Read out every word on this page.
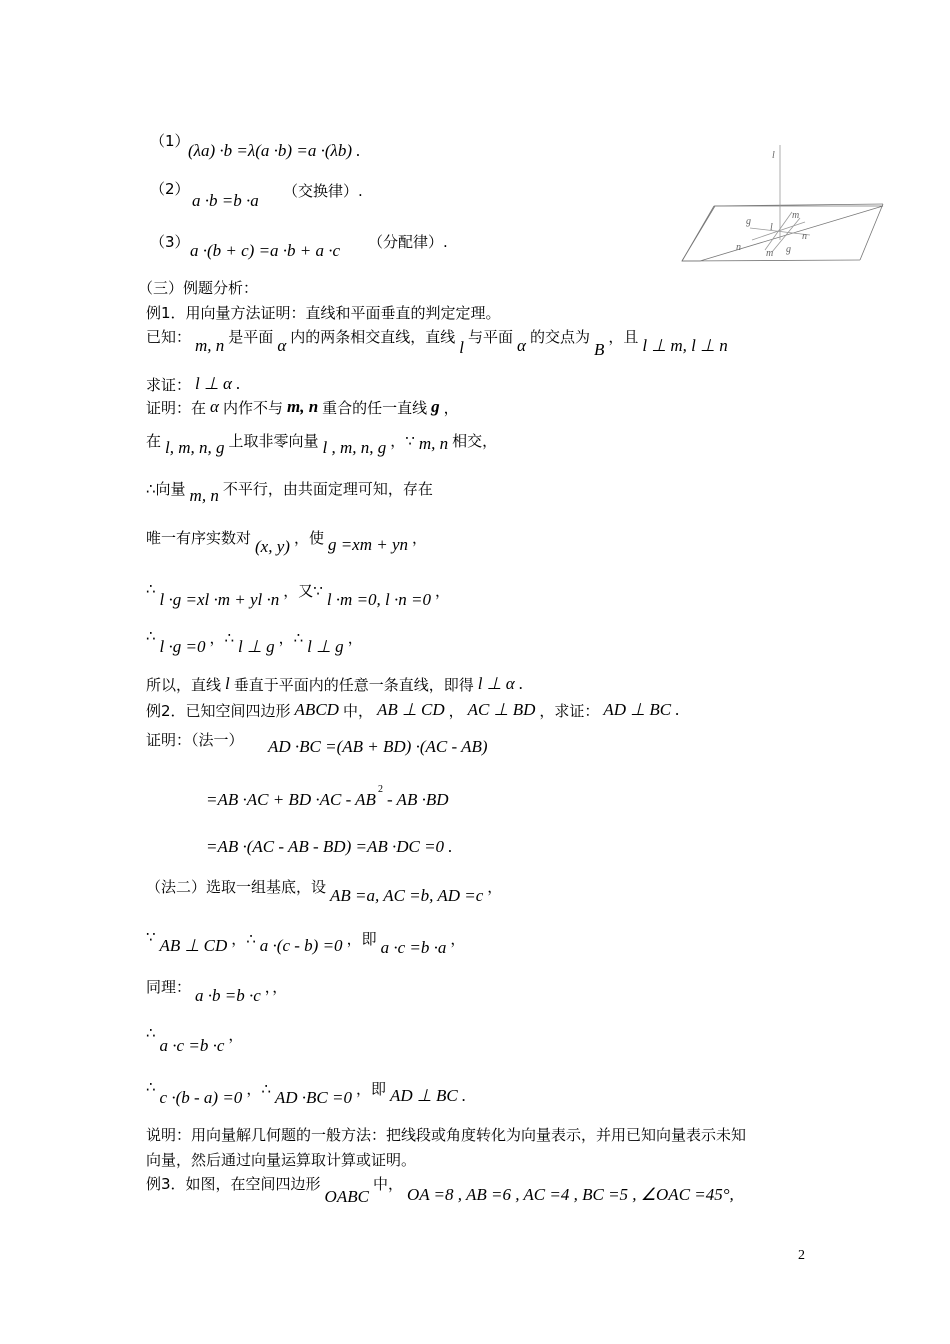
（1）
(λa) ·b =λ(a ·b) =a ·(λb) .
（2）
a ·b =b ·a （交换律）.
（3） a ·(b + c) =a ·b + a ·c （分配律）.
l
m
g
l
n
n
m g
（三）例题分析：
例1．用向量方法证明：直线和平面垂直的判定定理。
已知： m, n 是平面 α 内的两条相交直线，直线
l
与平面 α 的交点为
B
，且 l ⊥ m, l ⊥ n
求证： l ⊥ α .
证明：在 α 内作不与 m, n 重合的任一直线 g ，
在 l, m, n, g 上取非零向量 l , m, n, g ，∵ m, n 相交，
∴向量 m, n 不平行，由共面定理可知，存在
唯一有序实数对 (x, y) ，使 g =xm + yn ，
∴
l ·g =xl ·m + yl ·n ，又∵ l ·m =0, l ·n =0 ，
∴
l ·g =0 ，∴ l ⊥ g ，∴ l ⊥ g ，
所以，直线 l 垂直于平面内的任意一条直线，即得 l ⊥ α .
例2．已知空间四边形 ABCD 中， AB ⊥ CD ， AC ⊥ BD ，求证： AD ⊥ BC .
证明：（法一） AD ·BC =(AB + BD) ·(AC - AB)
=AB ·AC + BD ·AC - AB
2
- AB ·BD
=AB ·(AC - AB - BD) =AB ·DC =0 .
（法二）选取一组基底，设 AB =a, AC =b, AD =c ，
∵ AB ⊥ CD ，∴ a ·(c - b) =0 ，即 a ·c =b ·a ，
同理： a ·b =b ·c ，，
∴
a ·c =b ·c
，
∴
c ·(b - a) =0 ，∴ AD ·BC =0 ，即 AD ⊥ BC .
说明：用向量解几何题的一般方法：把线段或角度转化为向量表示，并用已知向量表示未知
向量，然后通过向量运算取计算或证明。
例3．如图，在空间四边形
OABC
中，
OA =8 , AB =6 , AC =4 , BC =5 , ∠OAC =45°,
2
